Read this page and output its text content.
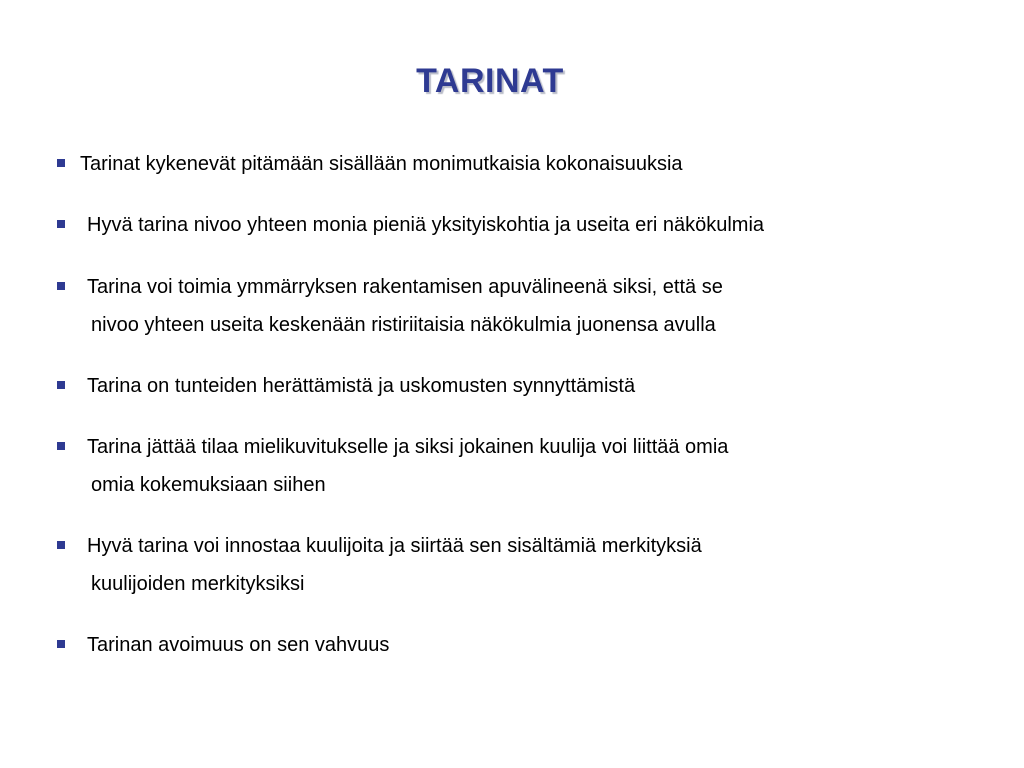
TARINAT
Tarinat kykenevät pitämään sisällään monimutkaisia kokonaisuuksia
Hyvä tarina nivoo yhteen monia pieniä yksityiskohtia ja useita eri näkökulmia
Tarina voi toimia ymmärryksen rakentamisen apuvälineenä siksi, että se
nivoo yhteen useita keskenään ristiriitaisia näkökulmia juonensa avulla
Tarina on tunteiden herättämistä ja uskomusten synnyttämistä
Tarina jättää tilaa mielikuvitukselle ja siksi jokainen kuulija voi liittää omia
omia kokemuksiaan siihen
Hyvä tarina voi innostaa kuulijoita ja siirtää sen sisältämiä merkityksiä
kuulijoiden merkityksiksi
Tarinan avoimuus on sen vahvuus
